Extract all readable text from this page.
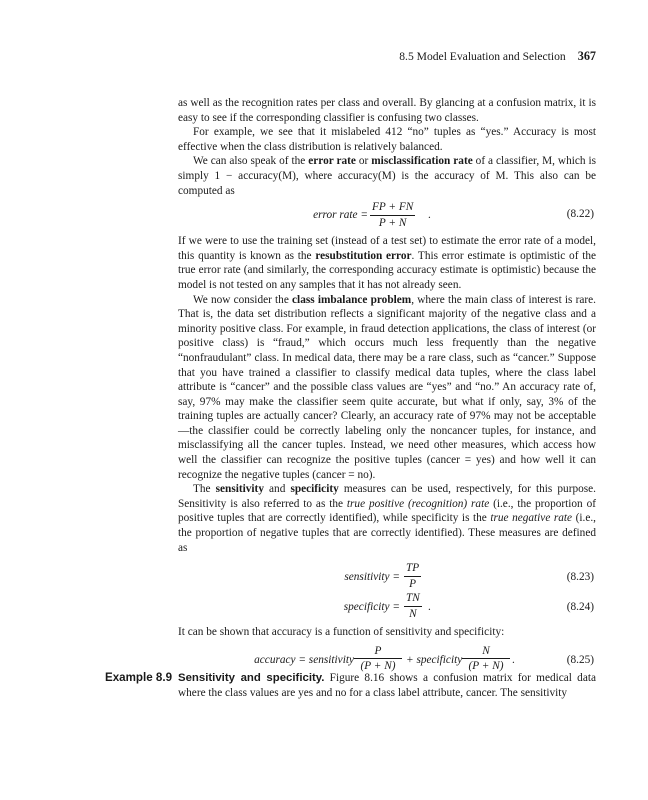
8.5 Model Evaluation and Selection 367

as well as the recognition rates per class and overall. By glancing at a confusion matrix, it is easy to see if the corresponding classifier is confusing two classes.

For example, we see that it mislabeled 412 “no” tuples as “yes.” Accuracy is most effective when the class distribution is relatively balanced.

We can also speak of the error rate or misclassification rate of a classifier, M, which is simply 1 − accuracy(M), where accuracy(M) is the accuracy of M. This also can be computed as

error rate = $\frac{FP + FN}{P + N}$ .	(8.22)

If we were to use the training set (instead of a test set) to estimate the error rate of a model, this quantity is known as the resubstitution error. This error estimate is optimistic of the true error rate (and similarly, the corresponding accuracy estimate is optimistic) because the model is not tested on any samples that it has not already seen.

We now consider the class imbalance problem, where the main class of interest is rare. That is, the data set distribution reflects a significant majority of the negative class and a minority positive class. For example, in fraud detection applications, the class of interest (or positive class) is “fraud,” which occurs much less frequently than the negative “nonfraudulant” class. In medical data, there may be a rare class, such as “cancer.” Suppose that you have trained a classifier to classify medical data tuples, where the class label attribute is “cancer” and the possible class values are “yes” and “no.” An accuracy rate of, say, 97% may make the classifier seem quite accurate, but what if only, say, 3% of the training tuples are actually cancer? Clearly, an accuracy rate of 97% may not be acceptable—the classifier could be correctly labeling only the noncancer tuples, for instance, and misclassifying all the cancer tuples. Instead, we need other measures, which access how well the classifier can recognize the positive tuples (cancer = yes) and how well it can recognize the negative tuples (cancer = no).

The sensitivity and specificity measures can be used, respectively, for this purpose. Sensitivity is also referred to as the true positive (recognition) rate (i.e., the proportion of positive tuples that are correctly identified), while specificity is the true negative rate (i.e., the proportion of negative tuples that are correctly identified). These measures are defined as

sensitivity = $\frac{TP}{P}$	(8.23)
specificity = $\frac{TN}{N}$ .	(8.24)

It can be shown that accuracy is a function of sensitivity and specificity:

accuracy = sensitivity $\frac{P}{(P + N)}$ + specificity $\frac{N}{(P + N)}$ .	(8.25)
Example 8.9 Sensitivity and specificity. Figure 8.16 shows a confusion matrix for medical data where the class values are yes and no for a class label attribute, cancer. The sensitivity
